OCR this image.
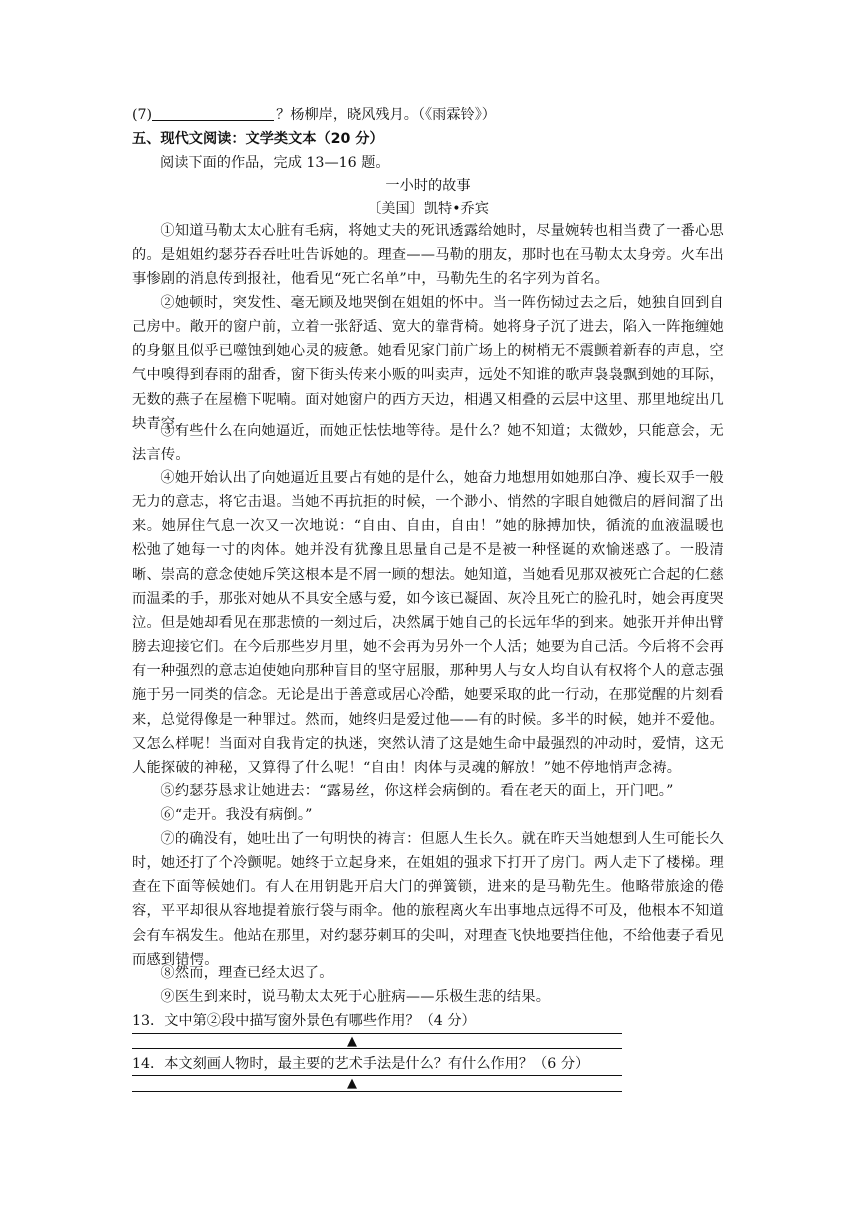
(7)	？杨柳岸，晓风残月。（《雨霖铃》）
五、现代文阅读：文学类文本（20 分）
阅读下面的作品，完成 13—16 题。
一小时的故事
〔美国〕凯特•乔宾
①知道马勒太太心脏有毛病，将她丈夫的死讯透露给她时，尽量婉转也相当费了一番心思的。是姐姐约瑟芬吞吞吐吐告诉她的。理查——马勒的朋友，那时也在马勒太太身旁。火车出事惨剧的消息传到报社，他看见“死亡名单”中，马勒先生的名字列为首名。
②她顿时，突发性、毫无顾及地哭倒在姐姐的怀中。当一阵伤恸过去之后，她独自回到自己房中。敞开的窗户前，立着一张舒适、宽大的靠背椅。她将身子沉了进去，陷入一阵拖缠她的身躯且似乎已噬蚀到她心灵的疲惫。她看见家门前广场上的树梢无不震颤着新春的声息，空气中嗅得到春雨的甜香，窗下街头传来小贩的叫卖声，远处不知谁的歌声袅袅飘到她的耳际，无数的燕子在屋檐下呢喃。面对她窗户的西方天边，相遇又相叠的云层中这里、那里地绽出几块青空。
③有些什么在向她逼近，而她正怯怯地等待。是什么？她不知道；太微妙，只能意会，无法言传。
④她开始认出了向她逼近且要占有她的是什么，她奋力地想用如她那白净、瘦长双手一般无力的意志，将它击退。当她不再抗拒的时候，一个渺小、悄然的字眼自她微启的唇间溜了出来。她屏住气息一次又一次地说：“自由、自由，自由！”她的脉搏加快，循流的血液温暖也松弛了她每一寸的肉体。她并没有犹豫且思量自己是不是被一种怪诞的欢愉迷惑了。一股清晰、崇高的意念使她斥笑这根本是不屑一顾的想法。她知道，当她看见那双被死亡合起的仁慈而温柔的手，那张对她从不具安全感与爱，如今该已凝固、灰冷且死亡的脸孔时，她会再度哭泣。但是她却看见在那悲愤的一刻过后，决然属于她自己的长远年华的到来。她张开并伸出臂膀去迎接它们。在今后那些岁月里，她不会再为另外一个人活；她要为自己活。今后将不会再有一种强烈的意志迫使她向那种盲目的坚守屈服，那种男人与女人均自认有权将个人的意志强施于另一同类的信念。无论是出于善意或居心冷酷，她要采取的此一行动，在那觉醒的片刻看来，总觉得像是一种罪过。然而，她终归是爱过他——有的时候。多半的时候，她并不爱他。又怎么样呢！当面对自我肯定的执迷，突然认清了这是她生命中最强烈的冲动时，爱情，这无人能探破的神秘，又算得了什么呢！“自由！肉体与灵魂的解放！”她不停地悄声念祷。
⑤约瑟芬恳求让她进去：“露易丝，你这样会病倒的。看在老天的面上，开门吧。”
⑥“走开。我没有病倒。”
⑦的确没有，她吐出了一句明快的祷言：但愿人生长久。就在昨天当她想到人生可能长久时，她还打了个冷颤呢。她终于立起身来，在姐姐的强求下打开了房门。两人走下了楼梯。理查在下面等候她们。有人在用钥匙开启大门的弹簧锁，进来的是马勒先生。他略带旅途的倦容，平平却很从容地提着旅行袋与雨伞。他的旅程离火车出事地点远得不可及，他根本不知道会有车祸发生。他站在那里，对约瑟芬刺耳的尖叫，对理查飞快地要挡住他，不给他妻子看见而感到错愕。
⑧然而，理查已经太迟了。
⑨医生到来时，说马勒太太死于心脏病——乐极生悲的结果。
13．文中第②段中描写窗外景色有哪些作用？（4 分）
▲
14．本文刻画人物时，最主要的艺术手法是什么？有什么作用？（6 分）
▲
